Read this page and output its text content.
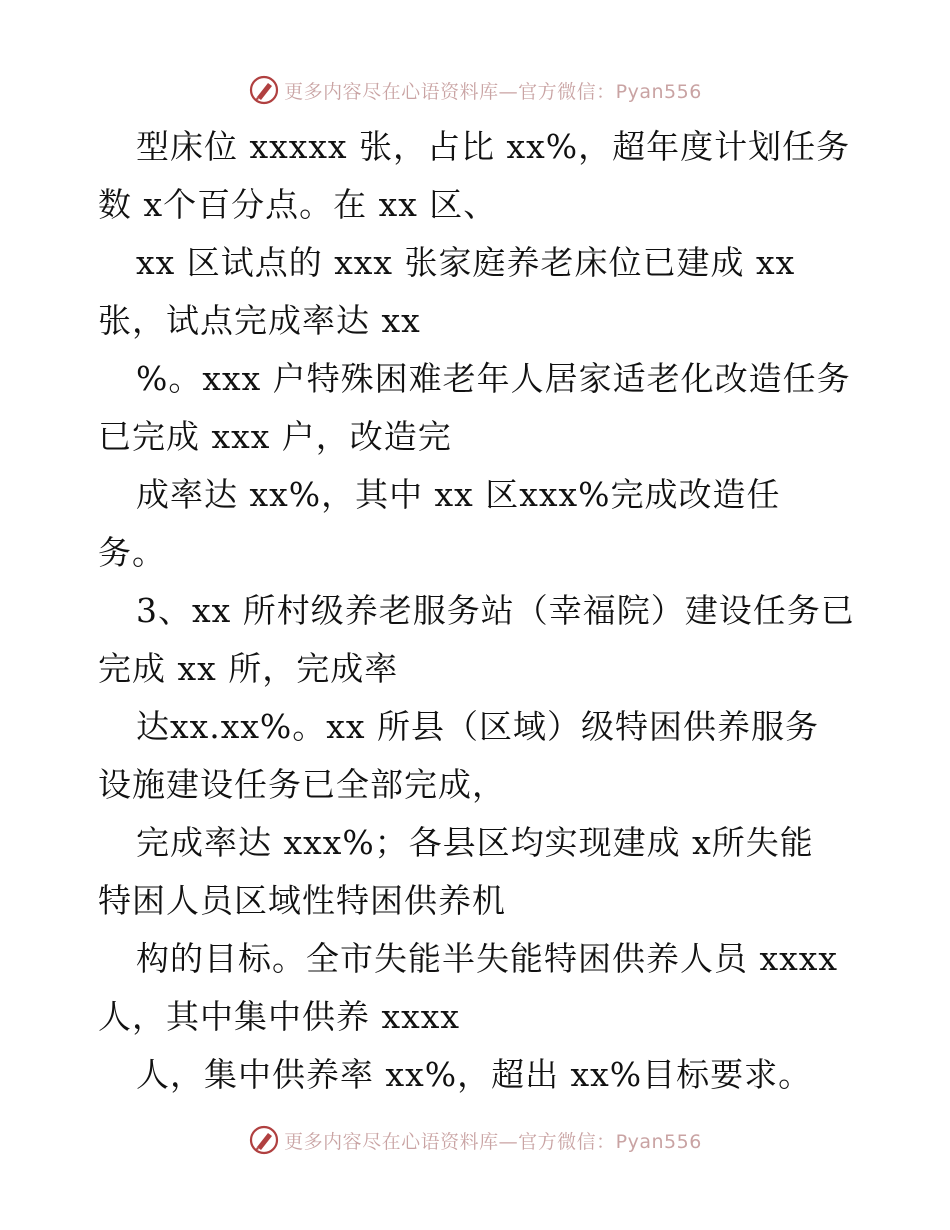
更多内容尽在心语资料库—官方微信：Pyan556
型床位 xxxxx 张，占比 xx%，超年度计划任务
数 x个百分点。在 xx 区、
xx 区试点的 xxx 张家庭养老床位已建成 xx
张，试点完成率达 xx
%。xxx 户特殊困难老年人居家适老化改造任务
已完成 xxx 户，改造完
成率达 xx%，其中 xx 区xxx%完成改造任
务。
3、xx 所村级养老服务站（幸福院）建设任务已
完成 xx 所，完成率
达xx.xx%。xx 所县（区域）级特困供养服务
设施建设任务已全部完成，
完成率达 xxx%；各县区均实现建成 x所失能
特困人员区域性特困供养机
构的目标。全市失能半失能特困供养人员 xxxx
人，其中集中供养 xxxx
人，集中供养率 xx%，超出 xx%目标要求。
更多内容尽在心语资料库—官方微信：Pyan556
